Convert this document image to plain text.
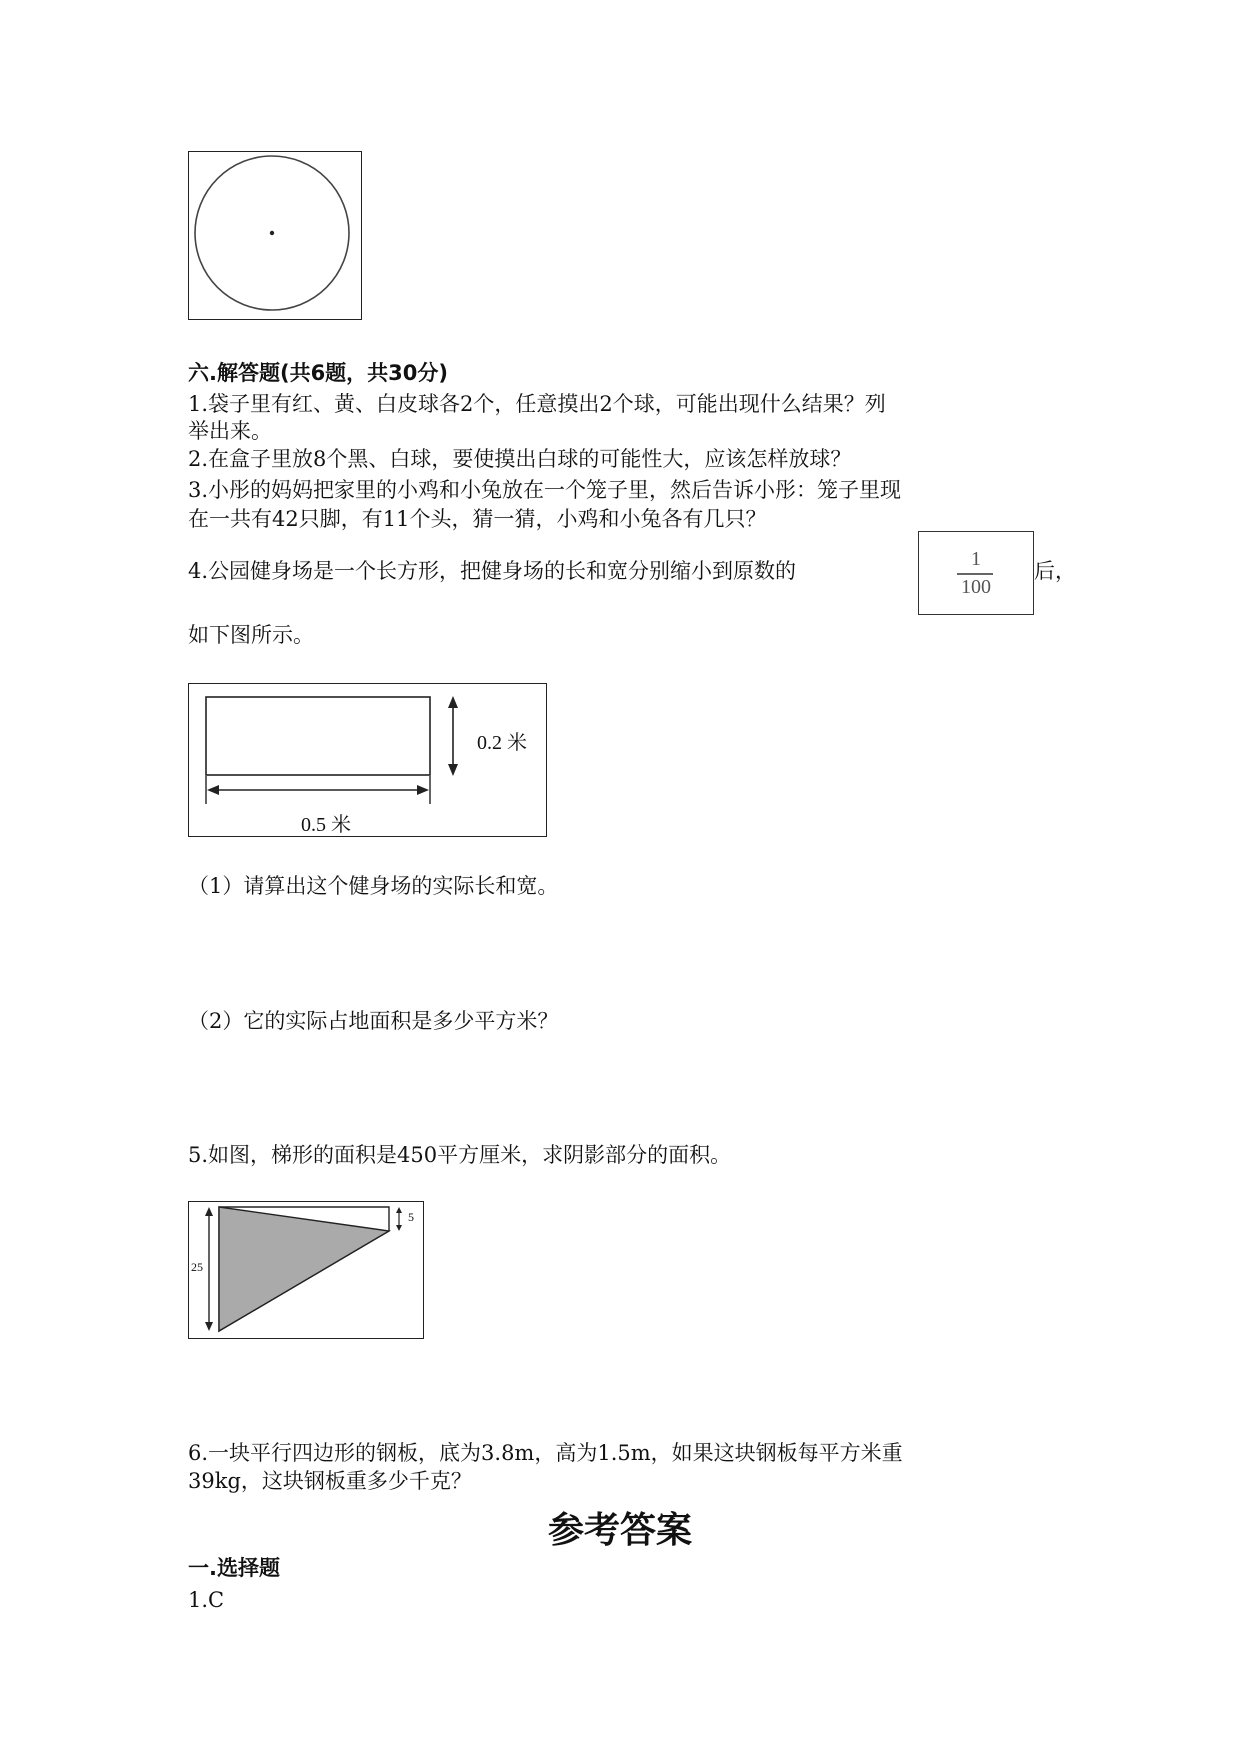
六.解答题(共6题，共30分)
1.袋子里有红、黄、白皮球各2个，任意摸出2个球，可能出现什么结果？列
举出来。
2.在盒子里放8个黑、白球，要使摸出白球的可能性大，应该怎样放球？
3.小彤的妈妈把家里的小鸡和小兔放在一个笼子里，然后告诉小彤：笼子里现
在一共有42只脚，有11个头，猜一猜，小鸡和小兔各有几只？
4.公园健身场是一个长方形，把健身场的长和宽分别缩小到原数的	1
100
后，
如下图所示。
0.2 米
0.5 米
（1）请算出这个健身场的实际长和宽。
（2）它的实际占地面积是多少平方米？
5.如图，梯形的面积是450平方厘米，求阴影部分的面积。
25
5
6.一块平行四边形的钢板，底为3.8m，高为1.5m，如果这块钢板每平方米重
39kg，这块钢板重多少千克？
参考答案
一.选择题
1.C
